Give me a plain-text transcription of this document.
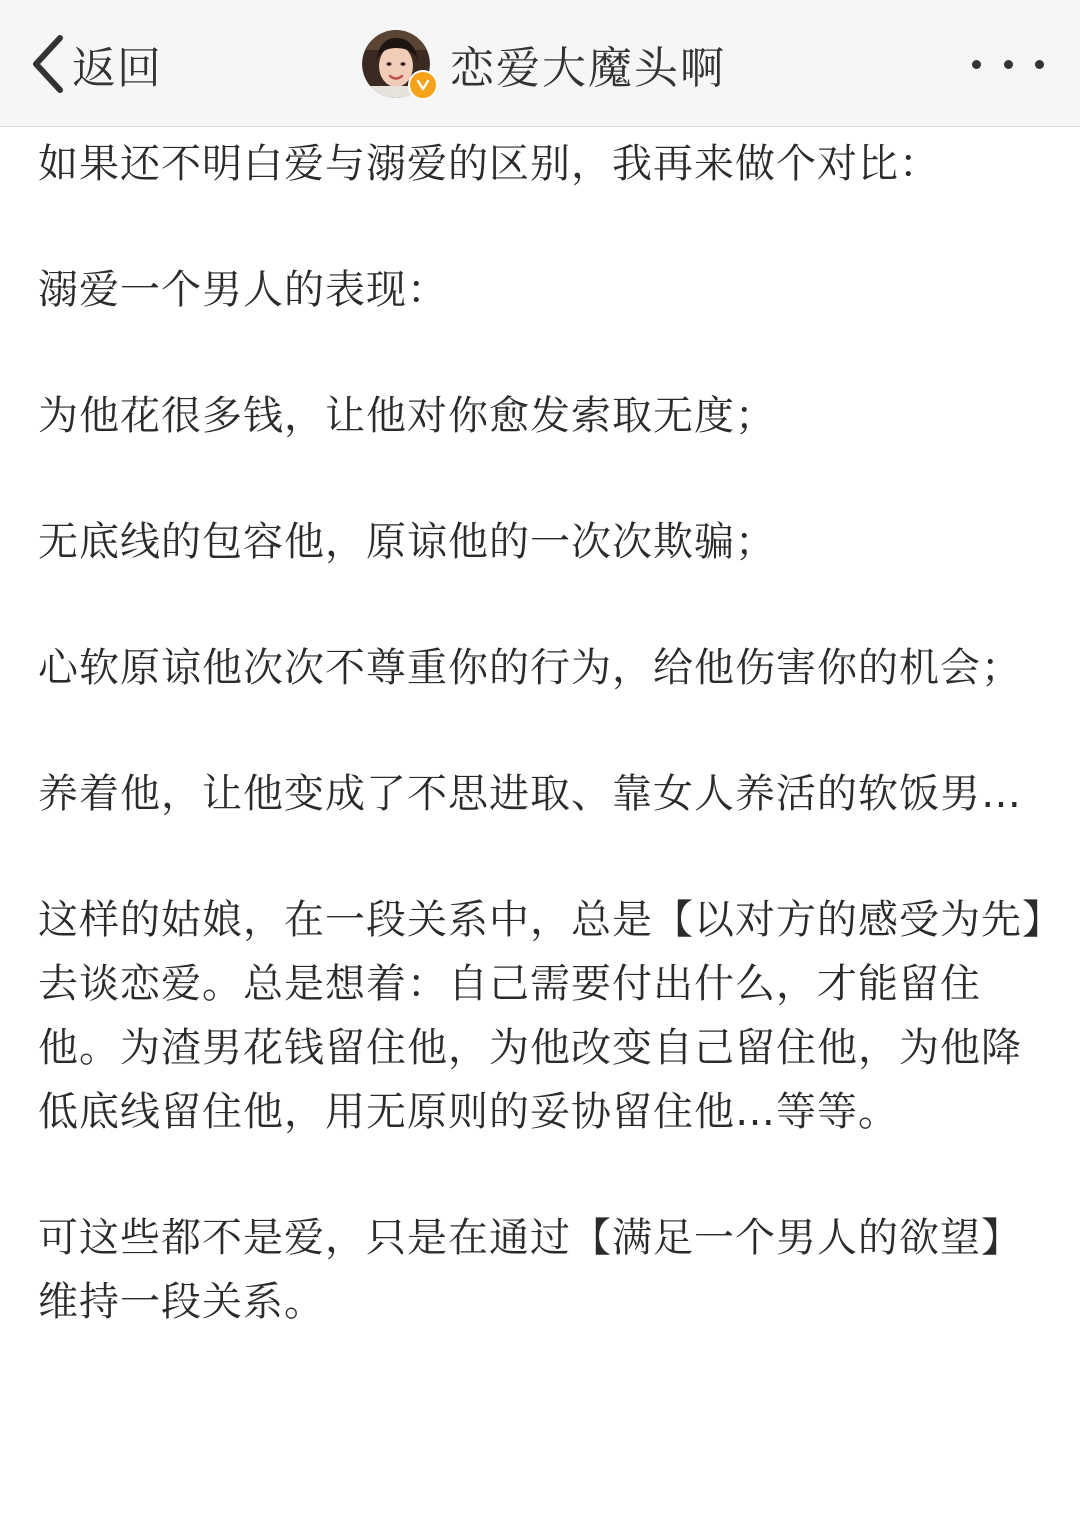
返回	恋爱大魔头啊

如果还不明白爱与溺爱的区别，我再来做个对比：

溺爱一个男人的表现：

为他花很多钱，让他对你愈发索取无度；

无底线的包容他，原谅他的一次次欺骗；

心软原谅他次次不尊重你的行为，给他伤害你的机会；

养着他，让他变成了不思进取、靠女人养活的软饭男…

这样的姑娘，在一段关系中，总是【以对方的感受为先】去谈恋爱。总是想着：自己需要付出什么，才能留住他。为渣男花钱留住他，为他改变自己留住他，为他降低底线留住他，用无原则的妥协留住他…等等。

可这些都不是爱，只是在通过【满足一个男人的欲望】维持一段关系。
